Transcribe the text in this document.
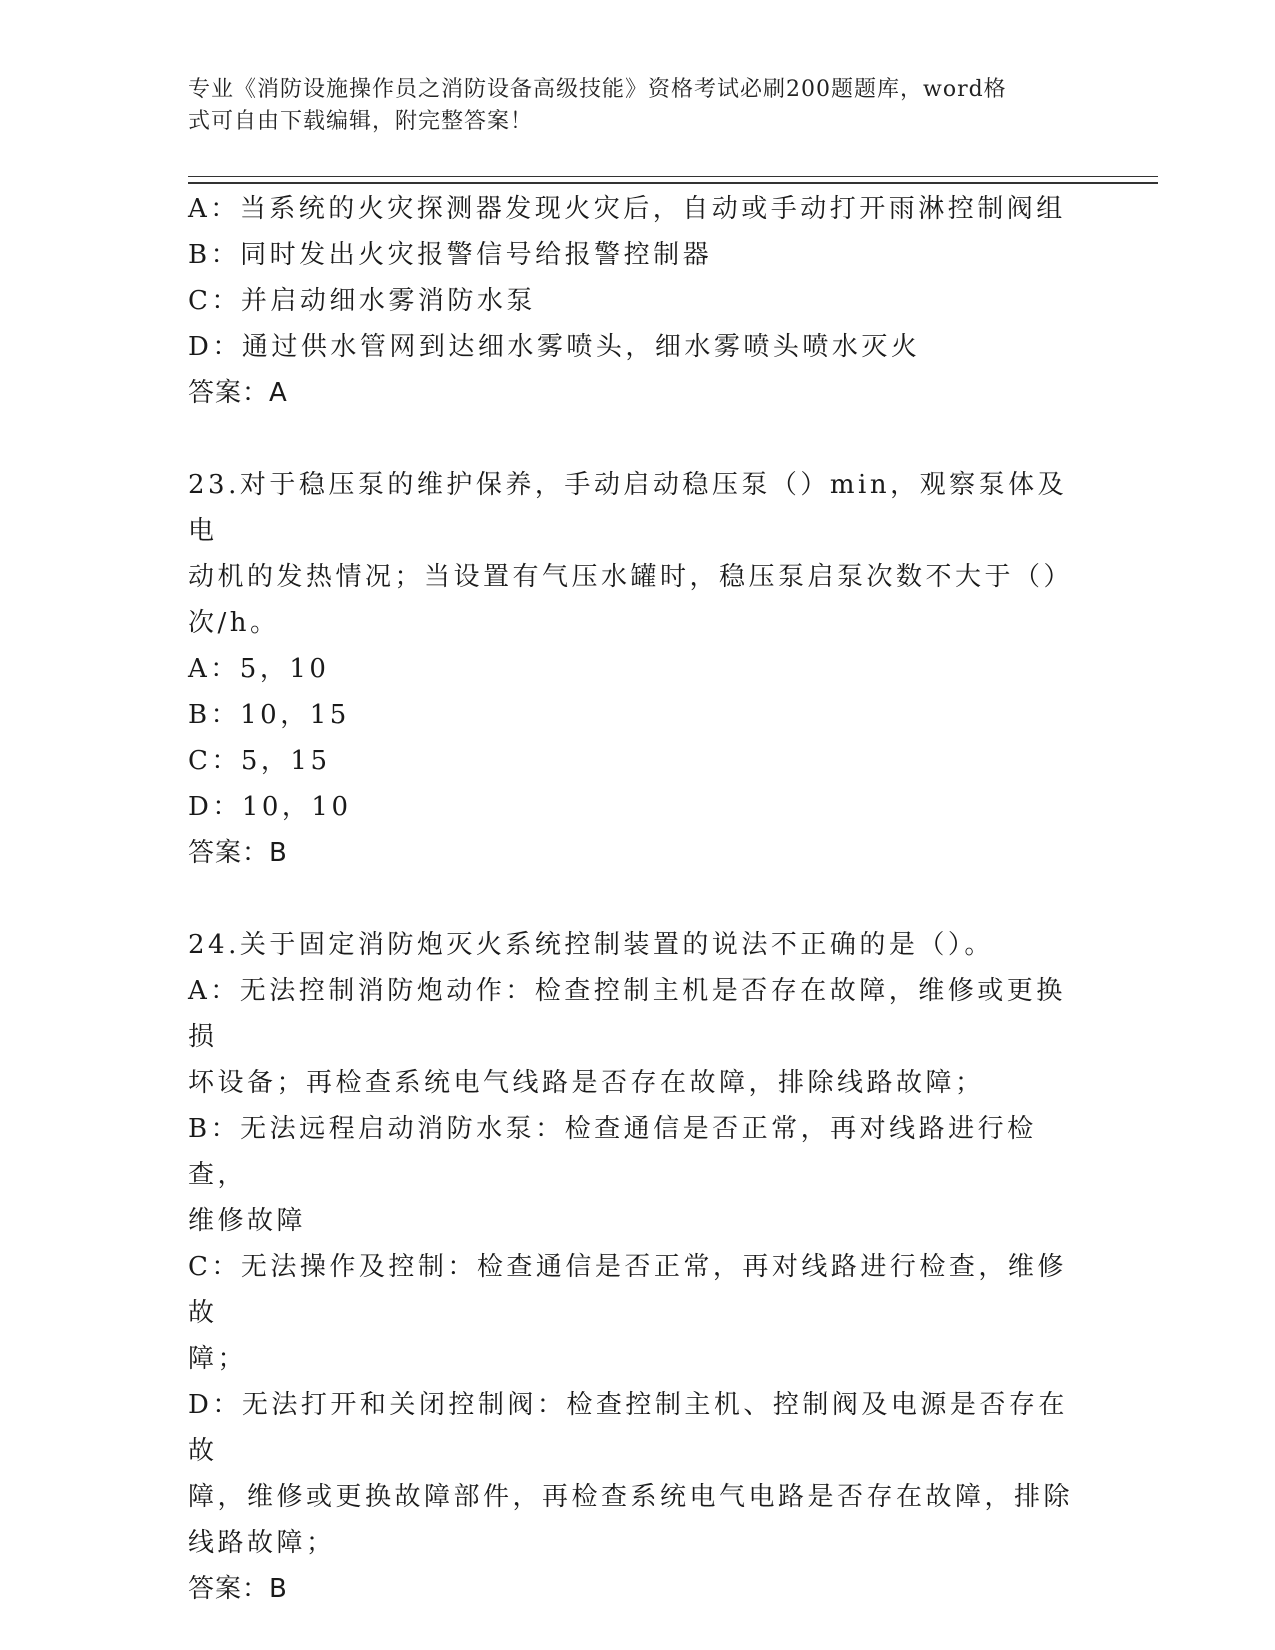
专业《消防设施操作员之消防设备高级技能》资格考试必刷200题题库，word格
式可自由下载编辑，附完整答案！
A：当系统的火灾探测器发现火灾后，自动或手动打开雨淋控制阀组
B：同时发出火灾报警信号给报警控制器
C：并启动细水雾消防水泵
D：通过供水管网到达细水雾喷头，细水雾喷头喷水灭火
答案：A
23.对于稳压泵的维护保养，手动启动稳压泵（）min，观察泵体及电
动机的发热情况；当设置有气压水罐时，稳压泵启泵次数不大于（）
次/h。
A：5，10
B：10，15
C：5，15
D：10，10
答案：B
24.关于固定消防炮灭火系统控制装置的说法不正确的是（）。
A：无法控制消防炮动作：检查控制主机是否存在故障，维修或更换损
坏设备；再检查系统电气线路是否存在故障，排除线路故障；
B：无法远程启动消防水泵：检查通信是否正常，再对线路进行检查，
维修故障
C：无法操作及控制：检查通信是否正常，再对线路进行检查，维修故
障；
D：无法打开和关闭控制阀：检查控制主机、控制阀及电源是否存在故
障，维修或更换故障部件，再检查系统电气电路是否存在故障，排除
线路故障；
答案：B
